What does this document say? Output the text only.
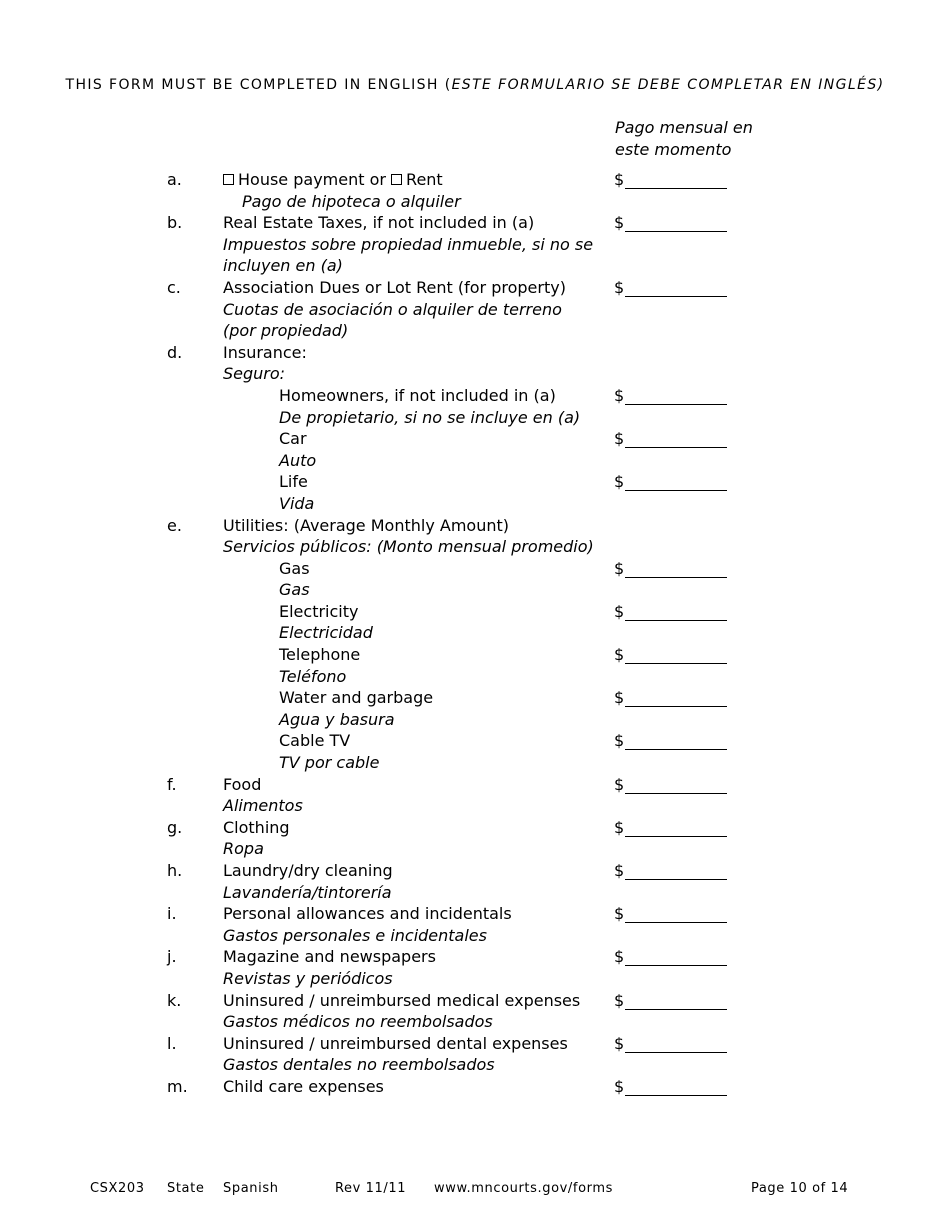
THIS FORM MUST BE COMPLETED IN ENGLISH (ESTE FORMULARIO SE DEBE COMPLETAR EN INGLÉS)
Pago mensual en
este momento
a.	House payment or Rent	$
Pago de hipoteca o alquiler
b.	Real Estate Taxes, if not included in (a)	$
Impuestos sobre propiedad inmueble, si no se
incluyen en (a)
c.	Association Dues or Lot Rent (for property)	$
Cuotas de asociación o alquiler de terreno
(por propiedad)
d.	Insurance:
Seguro:
Homeowners, if not included in (a)	$
De propietario, si no se incluye en (a)
Car	$
Auto
Life	$
Vida
e.	Utilities: (Average Monthly Amount)
Servicios públicos: (Monto mensual promedio)
Gas	$
Gas
Electricity	$
Electricidad
Telephone	$
Teléfono
Water and garbage	$
Agua y basura
Cable TV	$
TV por cable
f.	Food	$
Alimentos
g.	Clothing	$
Ropa
h.	Laundry/dry cleaning	$
Lavandería/tintorería
i.	Personal allowances and incidentals	$
Gastos personales e incidentales
j.	Magazine and newspapers	$
Revistas y periódicos
k.	Uninsured / unreimbursed medical expenses $
Gastos médicos no reembolsados
l.	Uninsured / unreimbursed dental expenses	$
Gastos dentales no reembolsados
m. Child care expenses	$
CSX203 State Spanish	Rev 11/11 www.mncourts.gov/forms	Page 10 of 14
